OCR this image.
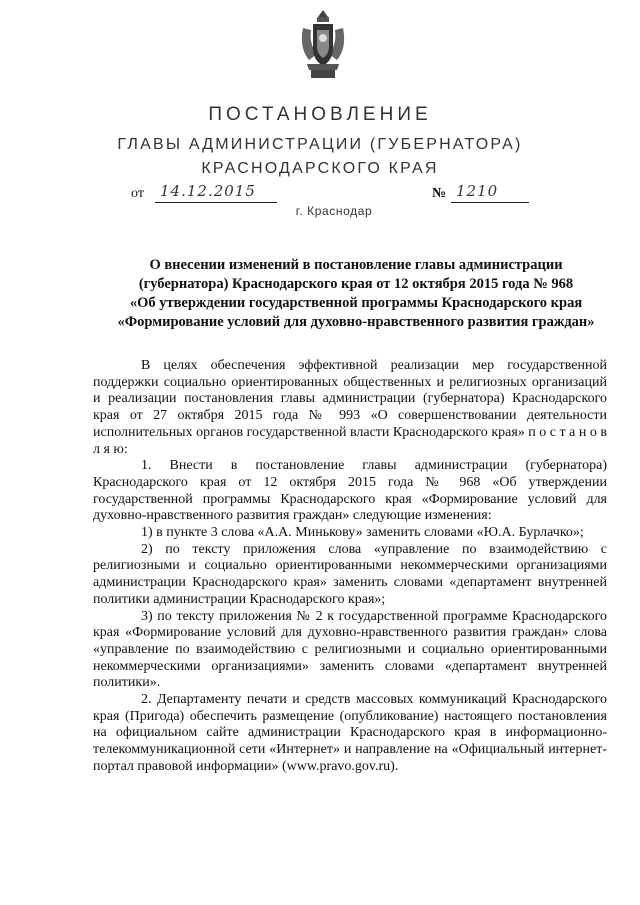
ПОСТАНОВЛЕНИЕ
ГЛАВЫ АДМИНИСТРАЦИИ (ГУБЕРНАТОРА)
КРАСНОДАРСКОГО КРАЯ
от 14.12.2015	№ 1210
г. Краснодар
О внесении изменений в постановление главы администрации
(губернатора) Краснодарского края от 12 октября 2015 года № 968
«Об утверждении государственной программы Краснодарского края
«Формирование условий для духовно-нравственного развития граждан»

В целях обеспечения эффективной реализации мер государственной поддержки социально ориентированных общественных и религиозных организаций и реализации постановления главы администрации (губернатора) Краснодарского края от 27 октября 2015 года № 993 «О совершенствовании деятельности исполнительных органов государственной власти Краснодарского края» п о с т а н о в л я ю:

1. Внести в постановление главы администрации (губернатора) Краснодарского края от 12 октября 2015 года № 968 «Об утверждении государственной программы Краснодарского края «Формирование условий для духовно-нравственного развития граждан» следующие изменения:

1) в пункте 3 слова «А.А. Минькову» заменить словами «Ю.А. Бурлачко»;

2) по тексту приложения слова «управление по взаимодействию с религиозными и социально ориентированными некоммерческими организациями администрации Краснодарского края» заменить словами «департамент внутренней политики администрации Краснодарского края»;

3) по тексту приложения № 2 к государственной программе Краснодарского края «Формирование условий для духовно-нравственного развития граждан» слова «управление по взаимодействию с религиозными и социально ориентированными некоммерческими организациями» заменить словами «департамент внутренней политики».

2. Департаменту печати и средств массовых коммуникаций Краснодарского края (Пригода) обеспечить размещение (опубликование) настоящего постановления на официальном сайте администрации Краснодарского края в информационно-телекоммуникационной сети «Интернет» и направление на «Официальный интернет-портал правовой информации» (www.pravo.gov.ru).
